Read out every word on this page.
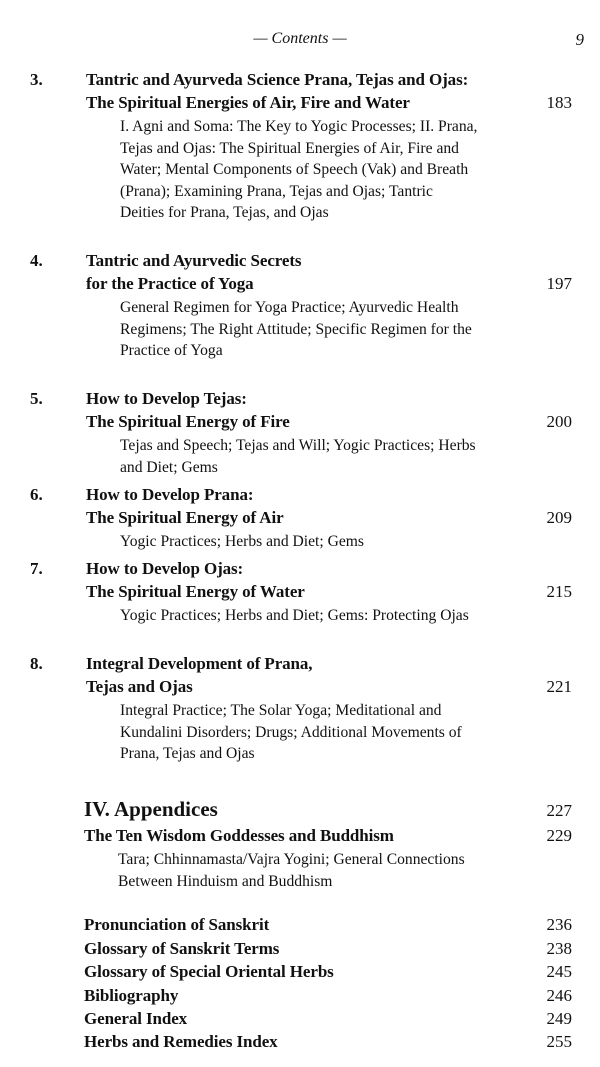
— Contents —	9
3.	Tantric and Ayurveda Science Prana, Tejas and Ojas:
The Spiritual Energies of Air, Fire and Water	183
I. Agni and Soma: The Key to Yogic Processes; II. Prana, Tejas and Ojas: The Spiritual Energies of Air, Fire and Water; Mental Components of Speech (Vak) and Breath (Prana); Examining Prana, Tejas and Ojas; Tantric Deities for Prana, Tejas, and Ojas
4.	Tantric and Ayurvedic Secrets
for the Practice of Yoga	197
General Regimen for Yoga Practice; Ayurvedic Health Regimens; The Right Attitude; Specific Regimen for the Practice of Yoga
5.	How to Develop Tejas:
The Spiritual Energy of Fire	200
Tejas and Speech; Tejas and Will; Yogic Practices; Herbs and Diet; Gems
6.	How to Develop Prana:
The Spiritual Energy of Air	209
Yogic Practices; Herbs and Diet; Gems
7.	How to Develop Ojas:
The Spiritual Energy of Water	215
Yogic Practices; Herbs and Diet; Gems: Protecting Ojas
8.	Integral Development of Prana,
Tejas and Ojas	221
Integral Practice; The Solar Yoga; Meditational and Kundalini Disorders; Drugs; Additional Movements of Prana, Tejas and Ojas
IV. Appendices	227
The Ten Wisdom Goddesses and Buddhism	229
Tara; Chhinnamasta/Vajra Yogini; General Connections Between Hinduism and Buddhism
Pronunciation of Sanskrit	236
Glossary of Sanskrit Terms	238
Glossary of Special Oriental Herbs	245
Bibliography	246
General Index	249
Herbs and Remedies Index	255
